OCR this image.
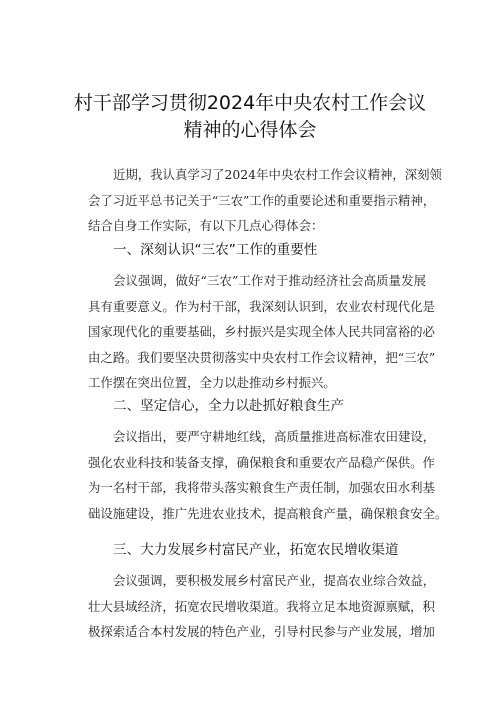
村干部学习贯彻2024年中央农村工作会议
精神的心得体会
近期，我认真学习了2024年中央农村工作会议精神，深刻领
会了习近平总书记关于“三农”工作的重要论述和重要指示精神，
结合自身工作实际，有以下几点心得体会：
一、深刻认识“三农”工作的重要性
会议强调，做好“三农”工作对于推动经济社会高质量发展
具有重要意义。作为村干部，我深刻认识到，农业农村现代化是
国家现代化的重要基础，乡村振兴是实现全体人民共同富裕的必
由之路。我们要坚决贯彻落实中央农村工作会议精神，把“三农”
工作摆在突出位置，全力以赴推动乡村振兴。
二、坚定信心，全力以赴抓好粮食生产
会议指出，要严守耕地红线，高质量推进高标准农田建设，
强化农业科技和装备支撑，确保粮食和重要农产品稳产保供。作
为一名村干部，我将带头落实粮食生产责任制，加强农田水利基
础设施建设，推广先进农业技术，提高粮食产量，确保粮食安全。
三、大力发展乡村富民产业，拓宽农民增收渠道
会议强调，要积极发展乡村富民产业，提高农业综合效益，
壮大县域经济，拓宽农民增收渠道。我将立足本地资源禀赋，积
极探索适合本村发展的特色产业，引导村民参与产业发展，增加
